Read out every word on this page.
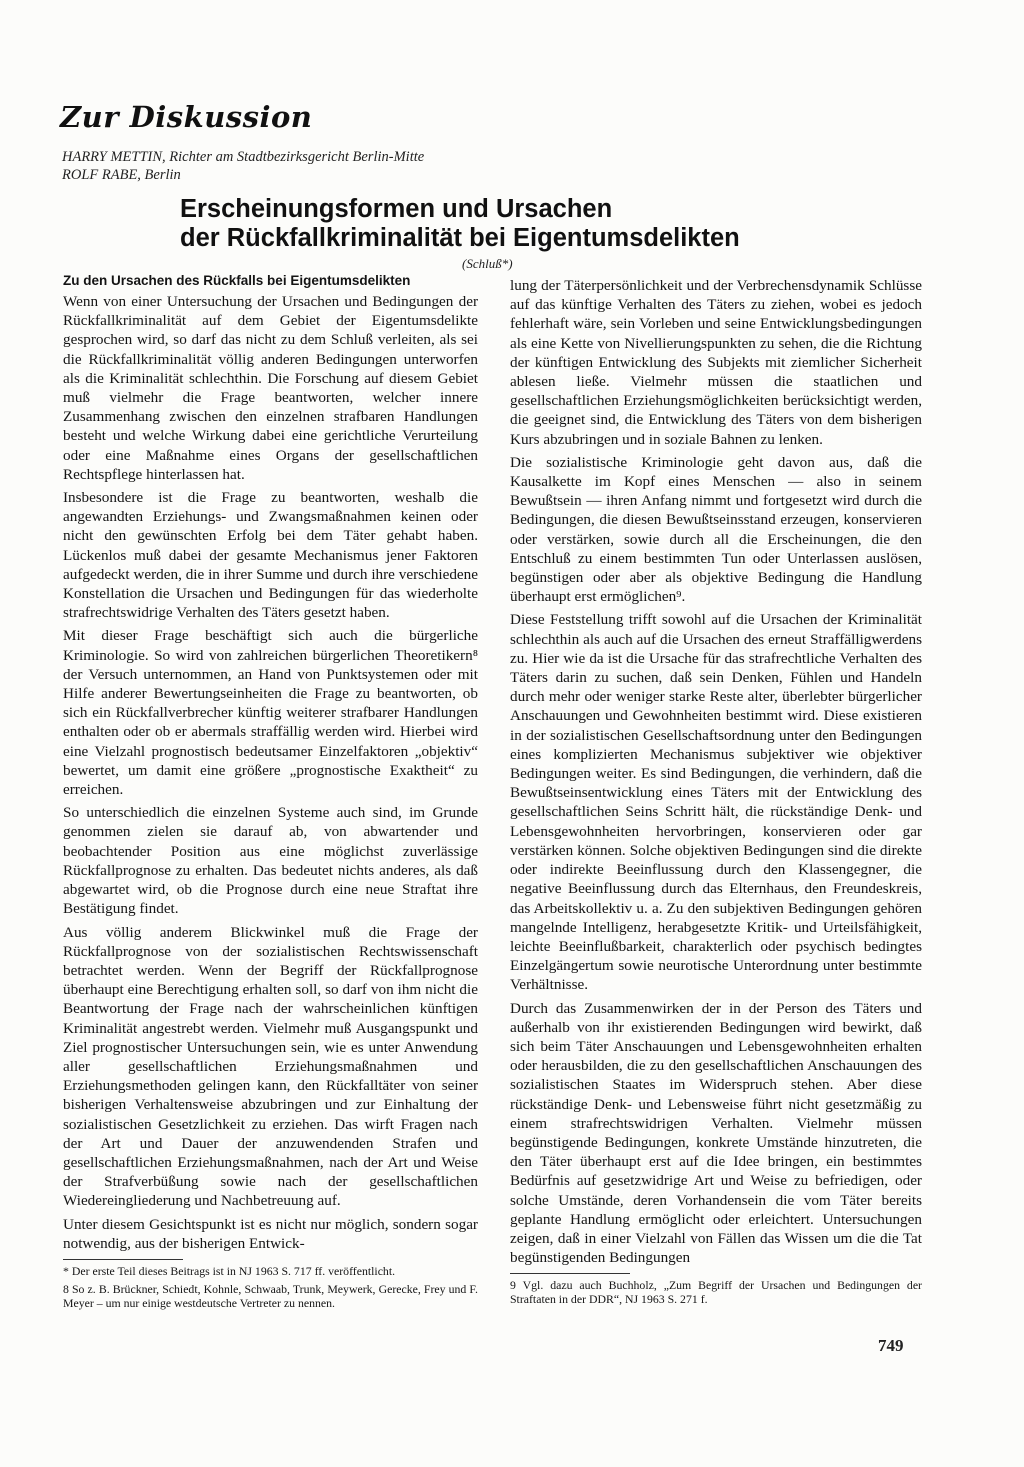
Zur Diskussion
HARRY METTIN, Richter am Stadtbezirksgericht Berlin-Mitte
ROLF RABE, Berlin
Erscheinungsformen und Ursachen
der Rückfallkriminalität bei Eigentumsdelikten
(Schluß*)
Zu den Ursachen des Rückfalls bei Eigentumsdelikten

Wenn von einer Untersuchung der Ursachen und Bedingungen der Rückfallkriminalität auf dem Gebiet der Eigentumsdelikte gesprochen wird, so darf das nicht zu dem Schluß verleiten, als sei die Rückfallkriminalität völlig anderen Bedingungen unterworfen als die Kriminalität schlechthin. Die Forschung auf diesem Gebiet muß vielmehr die Frage beantworten, welcher innere Zusammenhang zwischen den einzelnen strafbaren Handlungen besteht und welche Wirkung dabei eine gerichtliche Verurteilung oder eine Maßnahme eines Organs der gesellschaftlichen Rechtspflege hinterlassen hat.

Insbesondere ist die Frage zu beantworten, weshalb die angewandten Erziehungs- und Zwangsmaßnahmen keinen oder nicht den gewünschten Erfolg bei dem Täter gehabt haben. Lückenlos muß dabei der gesamte Mechanismus jener Faktoren aufgedeckt werden, die in ihrer Summe und durch ihre verschiedene Konstellation die Ursachen und Bedingungen für das wiederholte strafrechtswidrige Verhalten des Täters gesetzt haben.

Mit dieser Frage beschäftigt sich auch die bürgerliche Kriminologie. So wird von zahlreichen bürgerlichen Theoretikern⁸ der Versuch unternommen, an Hand von Punktsystemen oder mit Hilfe anderer Bewertungseinheiten die Frage zu beantworten, ob sich ein Rückfallverbrecher künftig weiterer strafbarer Handlungen enthalten oder ob er abermals straffällig werden wird. Hierbei wird eine Vielzahl prognostisch bedeutsamer Einzelfaktoren „objektiv“ bewertet, um damit eine größere „prognostische Exaktheit“ zu erreichen.

So unterschiedlich die einzelnen Systeme auch sind, im Grunde genommen zielen sie darauf ab, von abwartender und beobachtender Position aus eine möglichst zuverlässige Rückfallprognose zu erhalten. Das bedeutet nichts anderes, als daß abgewartet wird, ob die Prognose durch eine neue Straftat ihre Bestätigung findet.

Aus völlig anderem Blickwinkel muß die Frage der Rückfallprognose von der sozialistischen Rechtswissenschaft betrachtet werden. Wenn der Begriff der Rückfallprognose überhaupt eine Berechtigung erhalten soll, so darf von ihm nicht die Beantwortung der Frage nach der wahrscheinlichen künftigen Kriminalität angestrebt werden. Vielmehr muß Ausgangspunkt und Ziel prognostischer Untersuchungen sein, wie es unter Anwendung aller gesellschaftlichen Erziehungsmaßnahmen und Erziehungsmethoden gelingen kann, den Rückfalltäter von seiner bisherigen Verhaltensweise abzubringen und zur Einhaltung der sozialistischen Gesetzlichkeit zu erziehen. Das wirft Fragen nach der Art und Dauer der anzuwendenden Strafen und gesellschaftlichen Erziehungsmaßnahmen, nach der Art und Weise der Strafverbüßung sowie nach der gesellschaftlichen Wiedereingliederung und Nachbetreuung auf.

Unter diesem Gesichtspunkt ist es nicht nur möglich, sondern sogar notwendig, aus der bisherigen Entwick-

* Der erste Teil dieses Beitrags ist in NJ 1963 S. 717 ff. veröffentlicht.

8 So z. B. Brückner, Schiedt, Kohnle, Schwaab, Trunk, Meywerk, Gerecke, Frey und F. Meyer – um nur einige westdeutsche Vertreter zu nennen.

lung der Täterpersönlichkeit und der Verbrechensdynamik Schlüsse auf das künftige Verhalten des Täters zu ziehen, wobei es jedoch fehlerhaft wäre, sein Vorleben und seine Entwicklungsbedingungen als eine Kette von Nivellierungspunkten zu sehen, die die Richtung der künftigen Entwicklung des Subjekts mit ziemlicher Sicherheit ablesen ließe. Vielmehr müssen die staatlichen und gesellschaftlichen Erziehungsmöglichkeiten berücksichtigt werden, die geeignet sind, die Entwicklung des Täters von dem bisherigen Kurs abzubringen und in soziale Bahnen zu lenken.

Die sozialistische Kriminologie geht davon aus, daß die Kausalkette im Kopf eines Menschen — also in seinem Bewußtsein — ihren Anfang nimmt und fortgesetzt wird durch die Bedingungen, die diesen Bewußtseinsstand erzeugen, konservieren oder verstärken, sowie durch all die Erscheinungen, die den Entschluß zu einem bestimmten Tun oder Unterlassen auslösen, begünstigen oder aber als objektive Bedingung die Handlung überhaupt erst ermöglichen⁹.

Diese Feststellung trifft sowohl auf die Ursachen der Kriminalität schlechthin als auch auf die Ursachen des erneut Straffälligwerdens zu. Hier wie da ist die Ursache für das strafrechtliche Verhalten des Täters darin zu suchen, daß sein Denken, Fühlen und Handeln durch mehr oder weniger starke Reste alter, überlebter bürgerlicher Anschauungen und Gewohnheiten bestimmt wird. Diese existieren in der sozialistischen Gesellschaftsordnung unter den Bedingungen eines komplizierten Mechanismus subjektiver wie objektiver Bedingungen weiter. Es sind Bedingungen, die verhindern, daß die Bewußtseinsentwicklung eines Täters mit der Entwicklung des gesellschaftlichen Seins Schritt hält, die rückständige Denk- und Lebensgewohnheiten hervorbringen, konservieren oder gar verstärken können. Solche objektiven Bedingungen sind die direkte oder indirekte Beeinflussung durch den Klassengegner, die negative Beeinflussung durch das Elternhaus, den Freundeskreis, das Arbeitskollektiv u. a. Zu den subjektiven Bedingungen gehören mangelnde Intelligenz, herabgesetzte Kritik- und Urteilsfähigkeit, leichte Beeinflußbarkeit, charakterlich oder psychisch bedingtes Einzelgängertum sowie neurotische Unterordnung unter bestimmte Verhältnisse.

Durch das Zusammenwirken der in der Person des Täters und außerhalb von ihr existierenden Bedingungen wird bewirkt, daß sich beim Täter Anschauungen und Lebensgewohnheiten erhalten oder herausbilden, die zu den gesellschaftlichen Anschauungen des sozialistischen Staates im Widerspruch stehen. Aber diese rückständige Denk- und Lebensweise führt nicht gesetzmäßig zu einem strafrechtswidrigen Verhalten. Vielmehr müssen begünstigende Bedingungen, konkrete Umstände hinzutreten, die den Täter überhaupt erst auf die Idee bringen, ein bestimmtes Bedürfnis auf gesetzwidrige Art und Weise zu befriedigen, oder solche Umstände, deren Vorhandensein die vom Täter bereits geplante Handlung ermöglicht oder erleichtert. Untersuchungen zeigen, daß in einer Vielzahl von Fällen das Wissen um die die Tat begünstigenden Bedingungen

9 Vgl. dazu auch Buchholz, „Zum Begriff der Ursachen und Bedingungen der Straftaten in der DDR“, NJ 1963 S. 271 f.

749
